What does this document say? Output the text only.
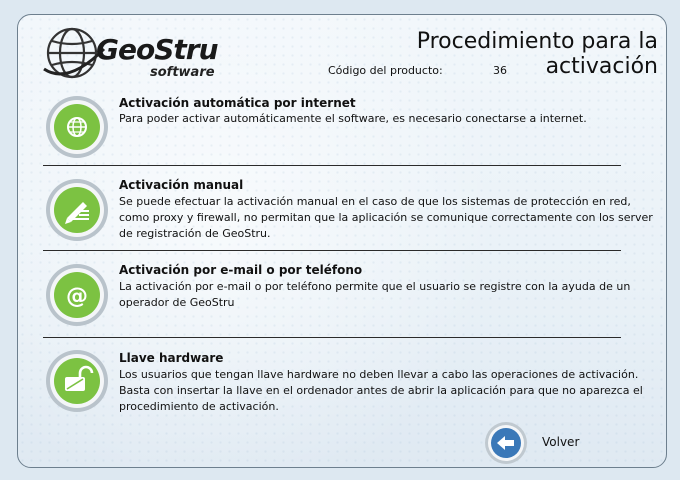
GeoStru
software
Procedimiento para la activación
Código del producto:	36
Activación automática por internet
Para poder activar automáticamente el software, es necesario conectarse a internet.
Activación manual
Se puede efectuar la activación manual en el caso de que los sistemas de protección en red, como proxy y firewall, no permitan que la aplicación se comunique correctamente con los server de registración de GeoStru.
@
Activación por e-mail o por teléfono
La activación por e-mail o por teléfono permite que el usuario se registre con la ayuda de un operador de GeoStru
Llave hardware
Los usuarios que tengan llave hardware no deben llevar a cabo las operaciones de activación. Basta con insertar la llave en el ordenador antes de abrir la aplicación para que no aparezca el procedimiento de activación.
Volver
